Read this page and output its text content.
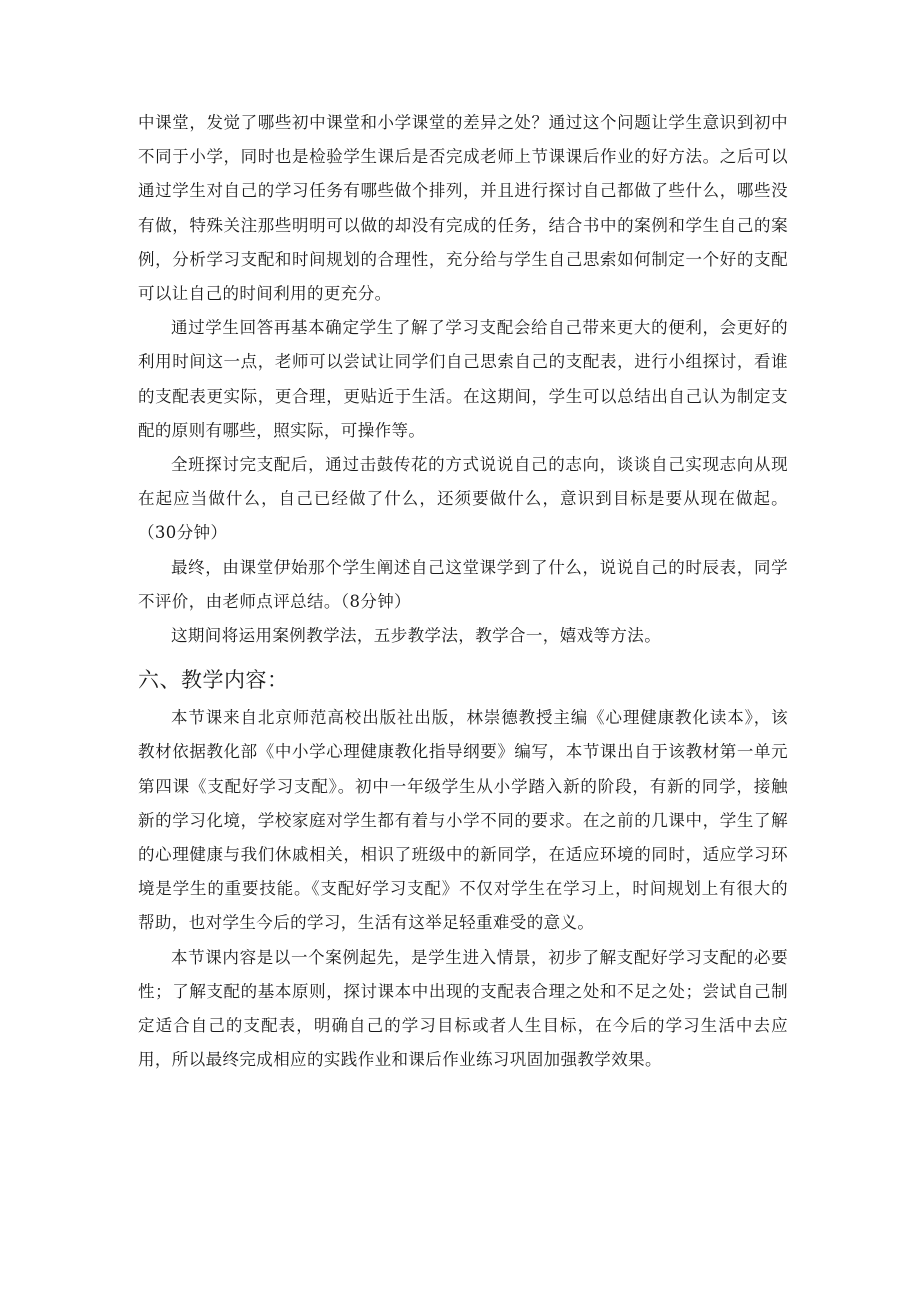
中课堂，发觉了哪些初中课堂和小学课堂的差异之处？通过这个问题让学生意识到初中不同于小学，同时也是检验学生课后是否完成老师上节课课后作业的好方法。之后可以通过学生对自己的学习任务有哪些做个排列，并且进行探讨自己都做了些什么，哪些没有做，特殊关注那些明明可以做的却没有完成的任务，结合书中的案例和学生自己的案例，分析学习支配和时间规划的合理性，充分给与学生自己思索如何制定一个好的支配可以让自己的时间利用的更充分。

通过学生回答再基本确定学生了解了学习支配会给自己带来更大的便利，会更好的利用时间这一点，老师可以尝试让同学们自己思索自己的支配表，进行小组探讨，看谁的支配表更实际，更合理，更贴近于生活。在这期间，学生可以总结出自己认为制定支配的原则有哪些，照实际，可操作等。

全班探讨完支配后，通过击鼓传花的方式说说自己的志向，谈谈自己实现志向从现在起应当做什么，自己已经做了什么，还须要做什么，意识到目标是要从现在做起。（30分钟）

最终，由课堂伊始那个学生阐述自己这堂课学到了什么，说说自己的时辰表，同学不评价，由老师点评总结。（8分钟）

这期间将运用案例教学法，五步教学法，教学合一，嬉戏等方法。

六、教学内容：

本节课来自北京师范高校出版社出版，林崇德教授主编《心理健康教化读本》，该教材依据教化部《中小学心理健康教化指导纲要》编写，本节课出自于该教材第一单元第四课《支配好学习支配》。初中一年级学生从小学踏入新的阶段，有新的同学，接触新的学习化境，学校家庭对学生都有着与小学不同的要求。在之前的几课中，学生了解的心理健康与我们休戚相关，相识了班级中的新同学，在适应环境的同时，适应学习环境是学生的重要技能。《支配好学习支配》不仅对学生在学习上，时间规划上有很大的帮助，也对学生今后的学习，生活有这举足轻重难受的意义。

本节课内容是以一个案例起先，是学生进入情景，初步了解支配好学习支配的必要性；了解支配的基本原则，探讨课本中出现的支配表合理之处和不足之处；尝试自己制定适合自己的支配表，明确自己的学习目标或者人生目标，在今后的学习生活中去应用，所以最终完成相应的实践作业和课后作业练习巩固加强教学效果。
